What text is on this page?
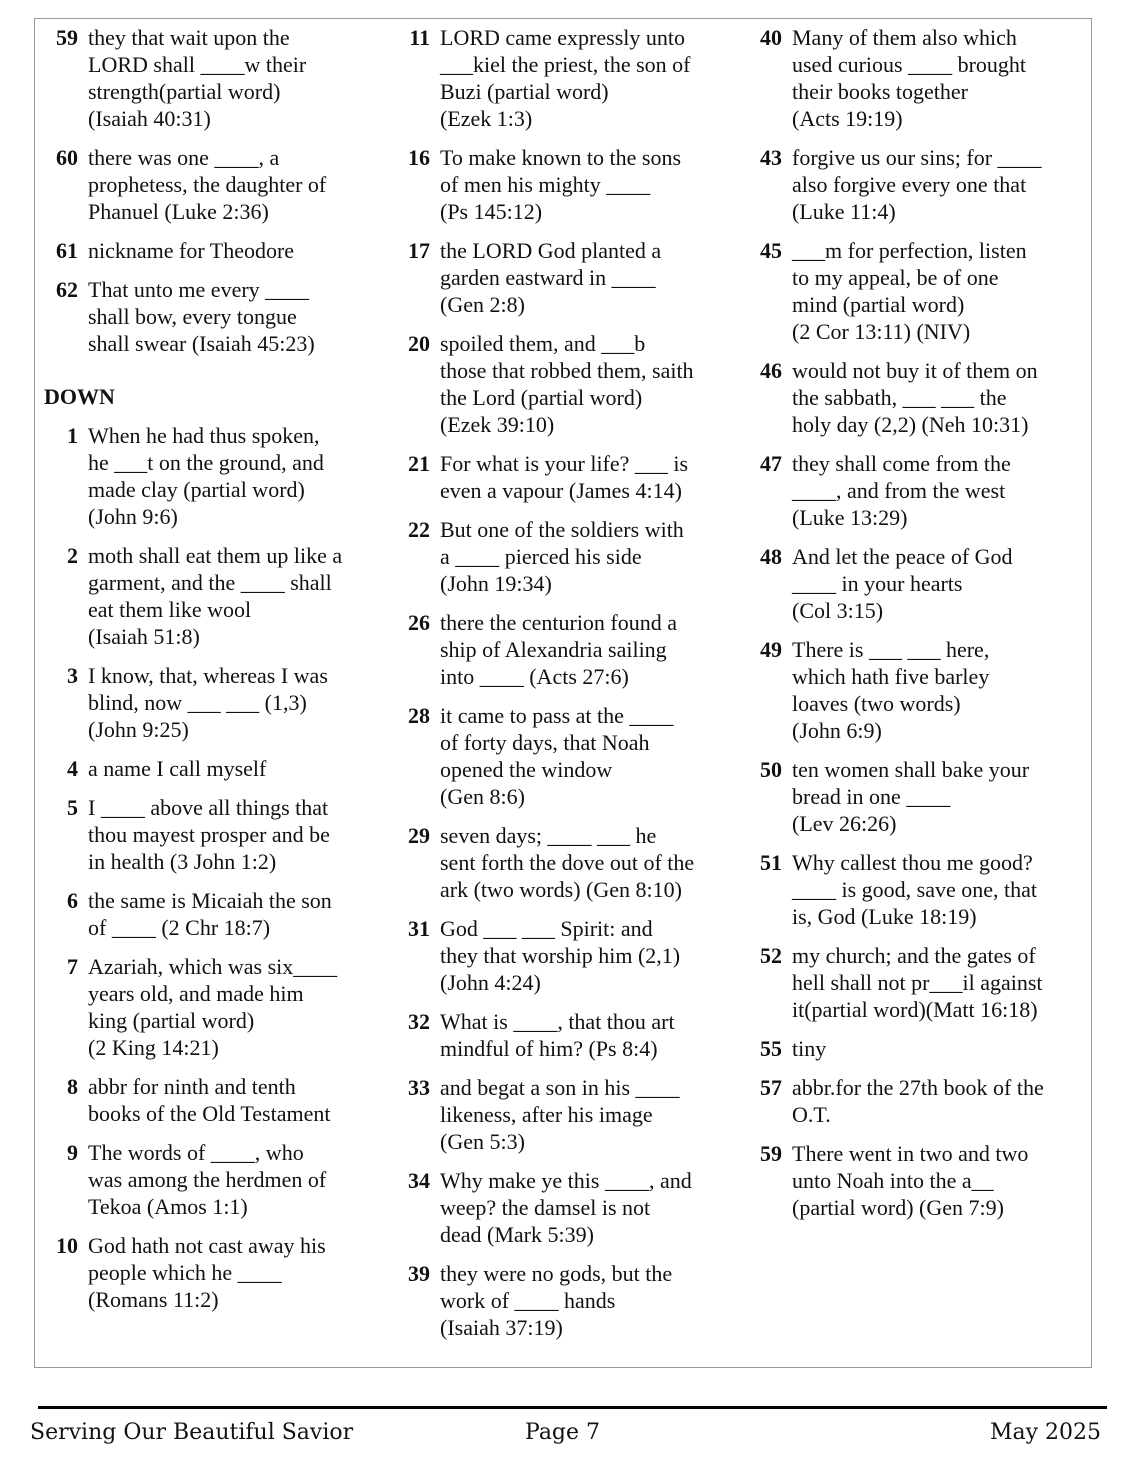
59 they that wait upon the
LORD shall ____w their
strength(partial word)
(Isaiah 40:31)
60 there was one ____, a
prophetess, the daughter of
Phanuel (Luke 2:36)
61 nickname for Theodore
62 That unto me every ____
shall bow, every tongue
shall swear (Isaiah 45:23)
DOWN
1 When he had thus spoken,
he ___t on the ground, and
made clay (partial word)
(John 9:6)
2 moth shall eat them up like a
garment, and the ____ shall
eat them like wool
(Isaiah 51:8)
3 I know, that, whereas I was
blind, now ___ ___ (1,3)
(John 9:25)
4 a name I call myself
5 I ____ above all things that
thou mayest prosper and be
in health (3 John 1:2)
6 the same is Micaiah the son
of ____ (2 Chr 18:7)
7 Azariah, which was six____
years old, and made him
king (partial word)
(2 King 14:21)
8 abbr for ninth and tenth
books of the Old Testament
9 The words of ____, who
was among the herdmen of
Tekoa (Amos 1:1)
10 God hath not cast away his
people which he ____
(Romans 11:2)
11 LORD came expressly unto
___kiel the priest, the son of
Buzi (partial word)
(Ezek 1:3)
16 To make known to the sons
of men his mighty ____
(Ps 145:12)
17 the LORD God planted a
garden eastward in ____
(Gen 2:8)
20 spoiled them, and ___b
those that robbed them, saith
the Lord (partial word)
(Ezek 39:10)
21 For what is your life? ___ is
even a vapour (James 4:14)
22 But one of the soldiers with
a ____ pierced his side
(John 19:34)
26 there the centurion found a
ship of Alexandria sailing
into ____ (Acts 27:6)
28 it came to pass at the ____
of forty days, that Noah
opened the window
(Gen 8:6)
29 seven days; ____ ___ he
sent forth the dove out of the
ark (two words) (Gen 8:10)
31 God ___ ___ Spirit: and
they that worship him (2,1)
(John 4:24)
32 What is ____, that thou art
mindful of him? (Ps 8:4)
33 and begat a son in his ____
likeness, after his image
(Gen 5:3)
34 Why make ye this ____, and
weep? the damsel is not
dead (Mark 5:39)
39 they were no gods, but the
work of ____ hands
(Isaiah 37:19)
40 Many of them also which
used curious ____ brought
their books together
(Acts 19:19)
43 forgive us our sins; for ____
also forgive every one that
(Luke 11:4)
45 ___m for perfection, listen
to my appeal, be of one
mind (partial word)
(2 Cor 13:11) (NIV)
46 would not buy it of them on
the sabbath, ___ ___ the
holy day (2,2) (Neh 10:31)
47 they shall come from the
____, and from the west
(Luke 13:29)
48 And let the peace of God
____ in your hearts
(Col 3:15)
49 There is ___ ___ here,
which hath five barley
loaves (two words)
(John 6:9)
50 ten women shall bake your
bread in one ____
(Lev 26:26)
51 Why callest thou me good?
____ is good, save one, that
is, God (Luke 18:19)
52 my church; and the gates of
hell shall not pr___il against
it(partial word)(Matt 16:18)
55 tiny
57 abbr.for the 27th book of the
O.T.
59 There went in two and two
unto Noah into the a__
(partial word) (Gen 7:9)
Serving Our Beautiful Savior	Page 7	May 2025
